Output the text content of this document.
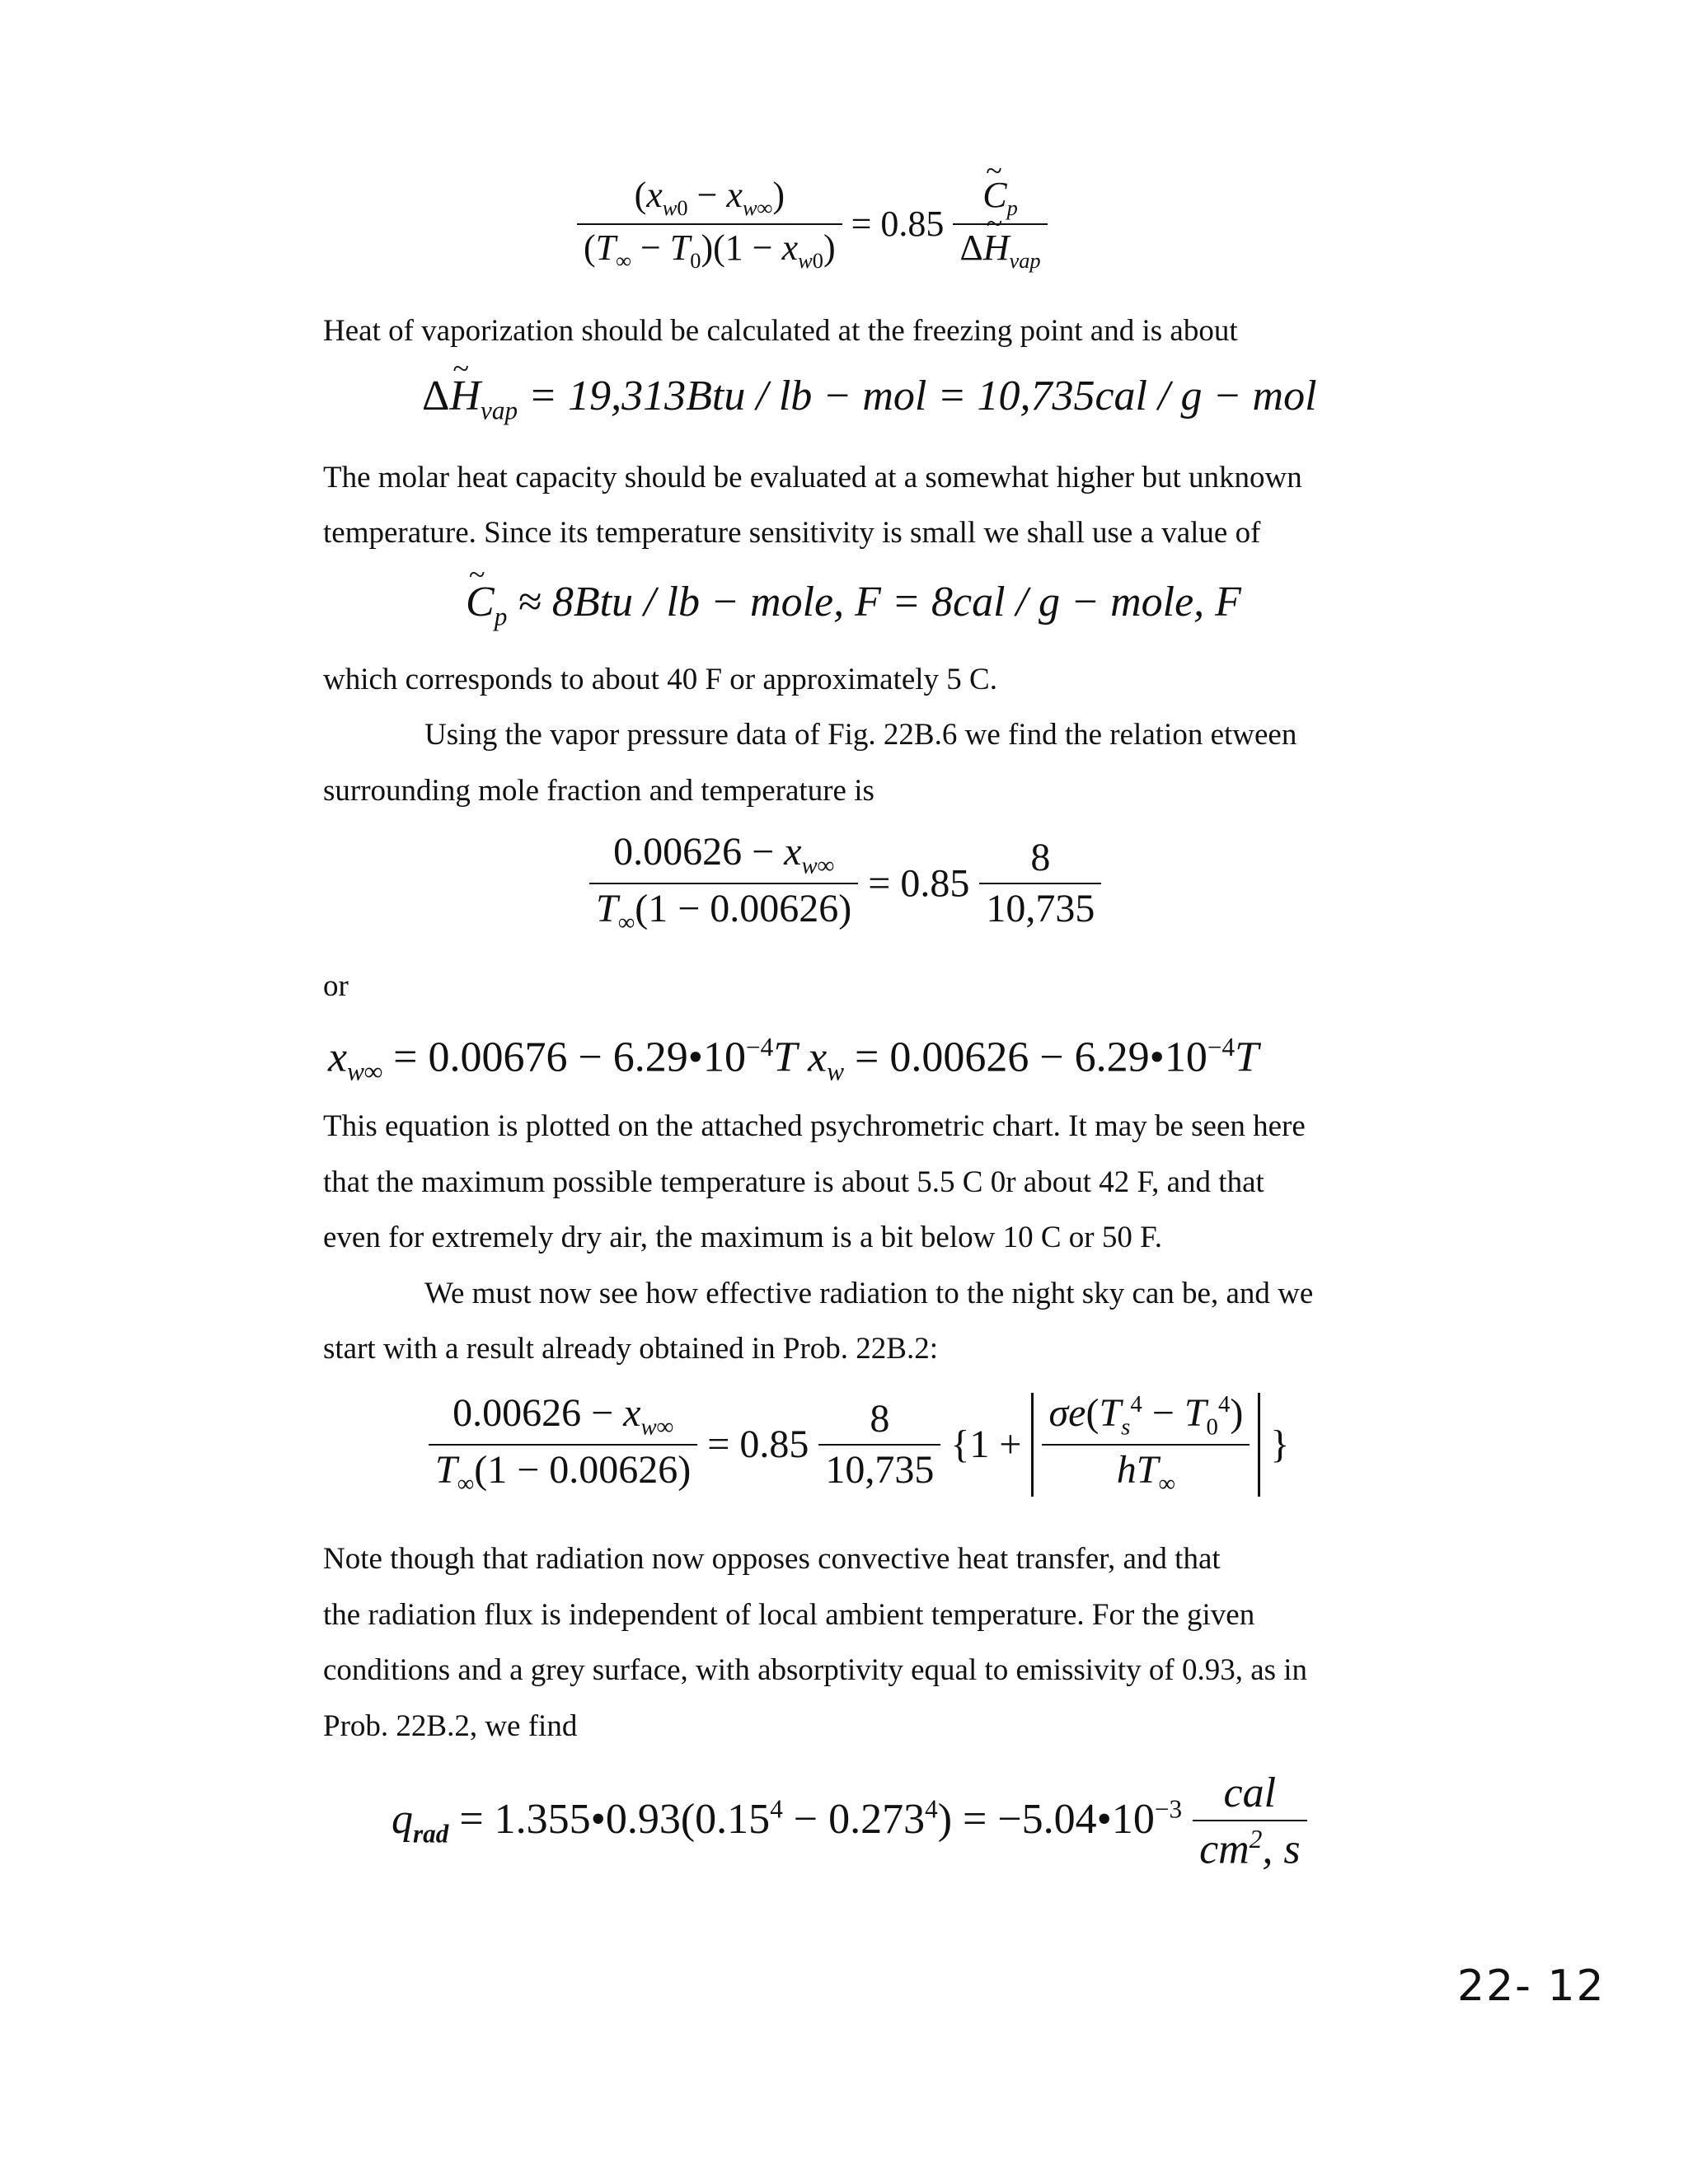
$\frac{(x_{w0} - x_{w\infty})}{(T_\infty - T_0)(1 - x_{w0})} = 0.85$
~ $\frac{C_p}{\Delta\sim H_{vap}}$

Heat of vaporization should be calculated at the freezing point and is about

Δ~ $H_{vap} = 19,313Btu$ / lb − mol = 10,735cal / g − mol

The molar heat capacity should be evaluated at a somewhat higher but unknown

temperature. Since its temperature sensitivity is small we shall use a value of

~ $C_p \approx 8Btu$ / lb − mole, F = 8cal / g − mole, F

which corresponds to about 40 F or approximately 5 C.

Using the vapor pressure data of Fig. 22B.6 we find the relation etween

surrounding mole fraction and temperature is

$\frac{0.00626 - x_{w\infty}}{T_\infty(1 - 0.00626)} = 0.85 \frac{8}{10,735}$

or

$x_{w\infty} = 0.00676$ − $6.29•10^{-4}T$ $x_w = 0.00626$ − $6.29•10^{-4}T$

This equation is plotted on the attached psychrometric chart. It may be seen here

that the maximum possible temperature is about 5.5 C 0r about 42 F, and that

even for extremely dry air, the maximum is a bit below 10 C or 50 F.

We must now see how effective radiation to the night sky can be, and we

start with a result already obtained in Prob. 22B.2:

$\frac{0.00626 - x_{w\infty}}{T_\infty(1 - 0.00626)} = 0.85 \frac{8}{10,735} \{1 + \frac{\sigma e(T_s^4 - T_0^4)}{hT_\infty}$ }

Note though that radiation now opposes convective heat transfer, and that

the radiation flux is independent of local ambient temperature. For the given

conditions and a grey surface, with absorptivity equal to emissivity of 0.93, as in

Prob. 22B.2, we find

$q_{rad}$ = $1.355•0.93(0.15^4 - 0.273^4)$ = $-5.04•10^{-3} \frac{\text{cal}}{cm^2, s}$
22- 12
